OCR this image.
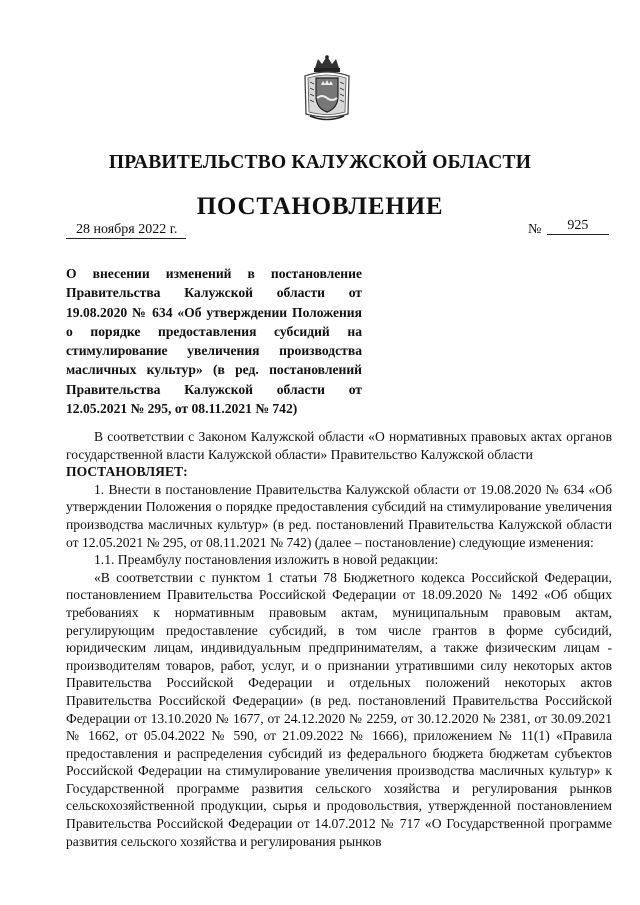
ПРАВИТЕЛЬСТВО КАЛУЖСКОЙ ОБЛАСТИ
ПОСТАНОВЛЕНИЕ
28 ноября 2022 г.	№ 925
О внесении изменений в постановление Правительства Калужской области от 19.08.2020 № 634 «Об утверждении Положения о порядке предоставления субсидий на стимулирование увеличения производства масличных культур» (в ред. постановлений Правительства Калужской области от 12.05.2021 № 295, от 08.11.2021 № 742)

В соответствии с Законом Калужской области «О нормативных правовых актах органов государственной власти Калужской области» Правительство Калужской области

ПОСТАНОВЛЯЕТ:

1. Внести в постановление Правительства Калужской области от 19.08.2020 № 634 «Об утверждении Положения о порядке предоставления субсидий на стимулирование увеличения производства масличных культур» (в ред. постановлений Правительства Калужской области от 12.05.2021 № 295, от 08.11.2021 № 742) (далее – постановление) следующие изменения:

1.1. Преамбулу постановления изложить в новой редакции:

«В соответствии с пунктом 1 статьи 78 Бюджетного кодекса Российской Федерации, постановлением Правительства Российской Федерации от 18.09.2020 № 1492 «Об общих требованиях к нормативным правовым актам, муниципальным правовым актам, регулирующим предоставление субсидий, в том числе грантов в форме субсидий, юридическим лицам, индивидуальным предпринимателям, а также физическим лицам - производителям товаров, работ, услуг, и о признании утратившими силу некоторых актов Правительства Российской Федерации и отдельных положений некоторых актов Правительства Российской Федерации» (в ред. постановлений Правительства Российской Федерации от 13.10.2020 № 1677, от 24.12.2020 № 2259, от 30.12.2020 № 2381, от 30.09.2021 № 1662, от 05.04.2022 № 590, от 21.09.2022 № 1666), приложением № 11(1) «Правила предоставления и распределения субсидий из федерального бюджета бюджетам субъектов Российской Федерации на стимулирование увеличения производства масличных культур» к Государственной программе развития сельского хозяйства и регулирования рынков сельскохозяйственной продукции, сырья и продовольствия, утвержденной постановлением Правительства Российской Федерации от 14.07.2012 № 717 «О Государственной программе развития сельского хозяйства и регулирования рынков
